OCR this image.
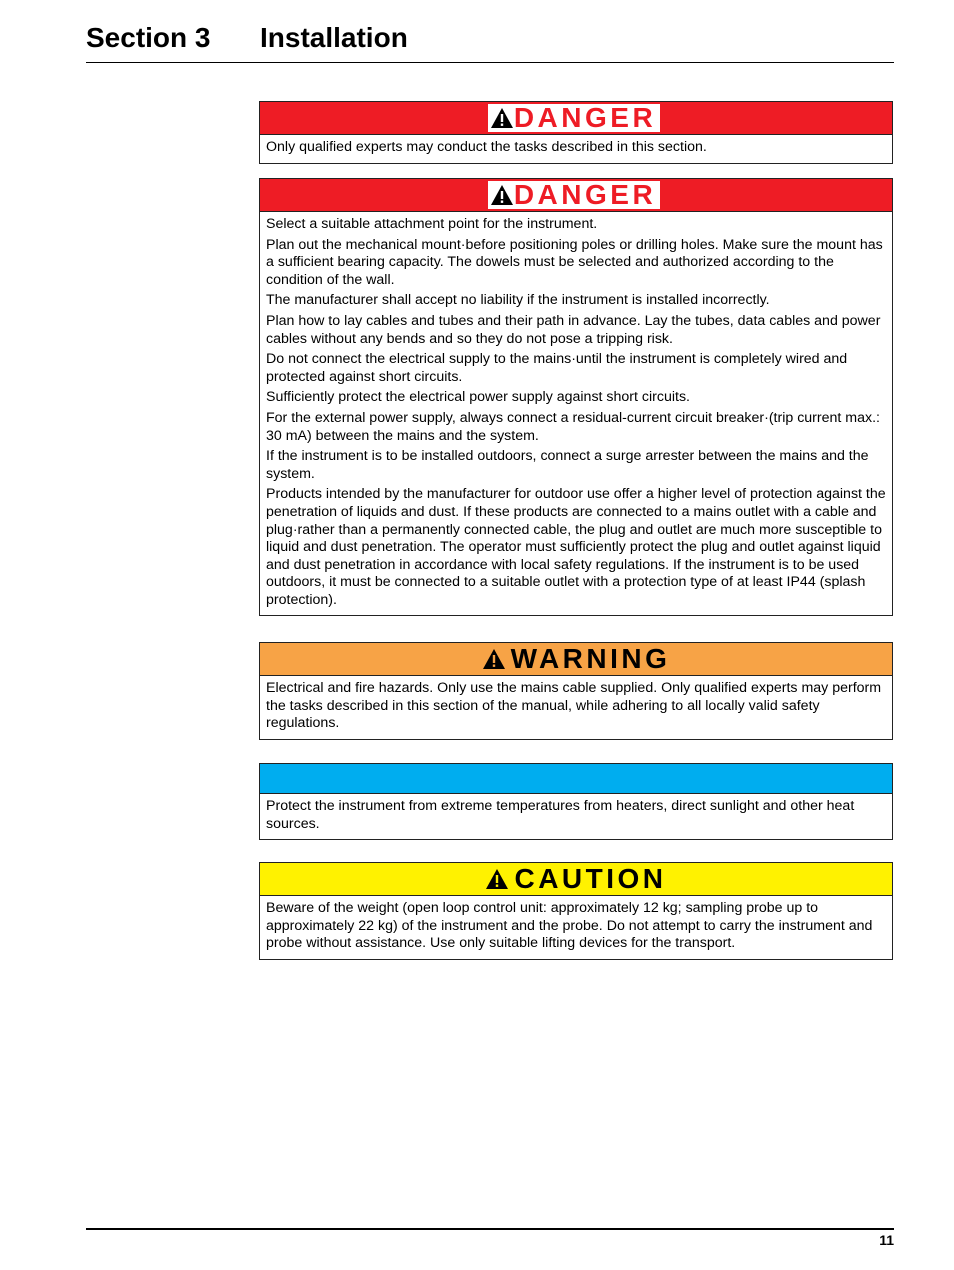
Section 3 Installation
DANGER

Only qualified experts may conduct the tasks described in this section.

DANGER

Select a suitable attachment point for the instrument.

Plan out the mechanical mount·before positioning poles or drilling holes. Make sure the mount has a sufficient bearing capacity. The dowels must be selected and authorized according to the condition of the wall.

The manufacturer shall accept no liability if the instrument is installed incorrectly.

Plan how to lay cables and tubes and their path in advance. Lay the tubes, data cables and power cables without any bends and so they do not pose a tripping risk.

Do not connect the electrical supply to the mains·until the instrument is completely wired and protected against short circuits.

Sufficiently protect the electrical power supply against short circuits.

For the external power supply, always connect a residual-current circuit breaker·(trip current max.: 30 mA) between the mains and the system.

If the instrument is to be installed outdoors, connect a surge arrester between the mains and the system.

Products intended by the manufacturer for outdoor use offer a higher level of protection against the penetration of liquids and dust. If these products are connected to a mains outlet with a cable and plug·rather than a permanently connected cable, the plug and outlet are much more susceptible to liquid and dust penetration. The operator must sufficiently protect the plug and outlet against liquid and dust penetration in accordance with local safety regulations. If the instrument is to be used outdoors, it must be connected to a suitable outlet with a protection type of at least IP44 (splash protection).

WARNING

Electrical and fire hazards. Only use the mains cable supplied. Only qualified experts may perform the tasks described in this section of the manual, while adhering to all locally valid safety regulations.

Protect the instrument from extreme temperatures from heaters, direct sunlight and other heat sources.

CAUTION

Beware of the weight (open loop control unit: approximately 12 kg; sampling probe up to approximately 22 kg) of the instrument and the probe. Do not attempt to carry the instrument and probe without assistance. Use only suitable lifting devices for the transport.

11
